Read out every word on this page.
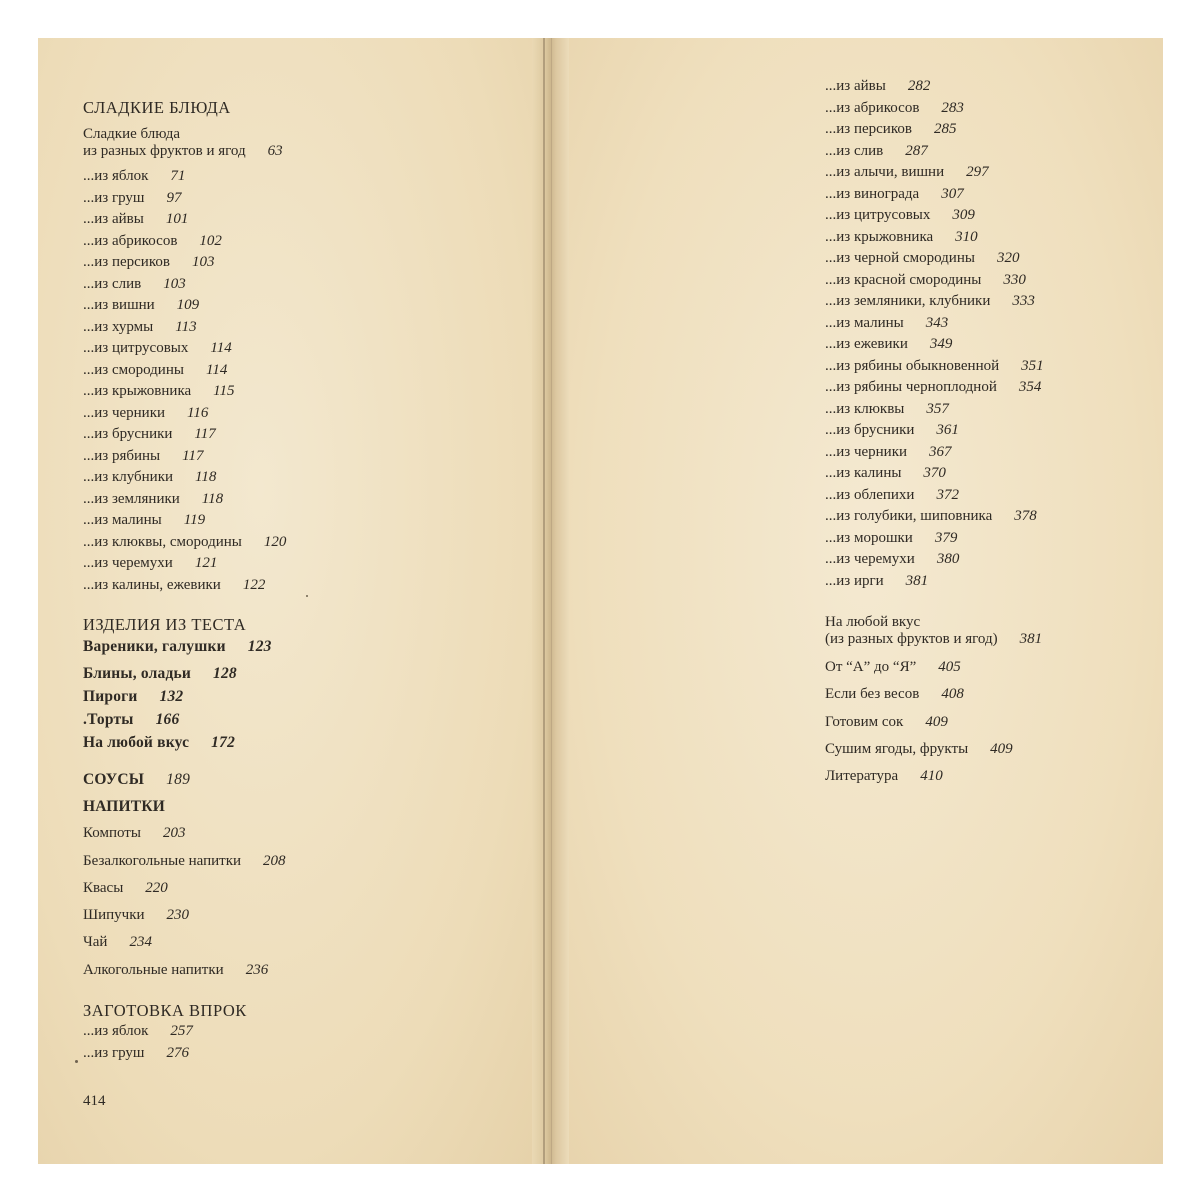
СЛАДКИЕ БЛЮДА
Сладкие блюда
из разных фруктов и ягод 63
...из яблок 71
...из груш 97
...из айвы 101
...из абрикосов 102
...из персиков 103
...из слив 103
...из вишни 109
...из хурмы 113
...из цитрусовых 114
...из смородины 114
...из крыжовника 115
...из черники 116
...из брусники 117
...из рябины 117
...из клубники 118
...из земляники 118
...из малины 119
...из клюквы, смородины 120
...из черемухи 121
...из калины, ежевики 122
ИЗДЕЛИЯ ИЗ ТЕСТА
Вареники, галушки 123
Блины, оладьи 128
Пироги 132
.Торты 166
На любой вкус 172
СОУСЫ 189
НАПИТКИ
Компоты 203
Безалкогольные напитки 208
Квасы 220
Шипучки 230
Чай 234
Алкогольные напитки 236
ЗАГОТОВКА ВПРОК
...из яблок 257
...из груш 276
414
...из айвы 282
...из абрикосов 283
...из персиков 285
...из слив 287
...из алычи, вишни 297
...из винограда 307
...из цитрусовых 309
...из крыжовника 310
...из черной смородины 320
...из красной смородины 330
...из земляники, клубники 333
...из малины 343
...из ежевики 349
...из рябины обыкновенной 351
...из рябины черноплодной 354
...из клюквы 357
...из брусники 361
...из черники 367
...из калины 370
...из облепихи 372
...из голубики, шиповника 378
...из морошки 379
...из черемухи 380
...из ирги 381
На любой вкус
(из разных фруктов и ягод) 381
От “А” до “Я” 405
Если без весов 408
Готовим сок 409
Сушим ягоды, фрукты 409
Литература 410
